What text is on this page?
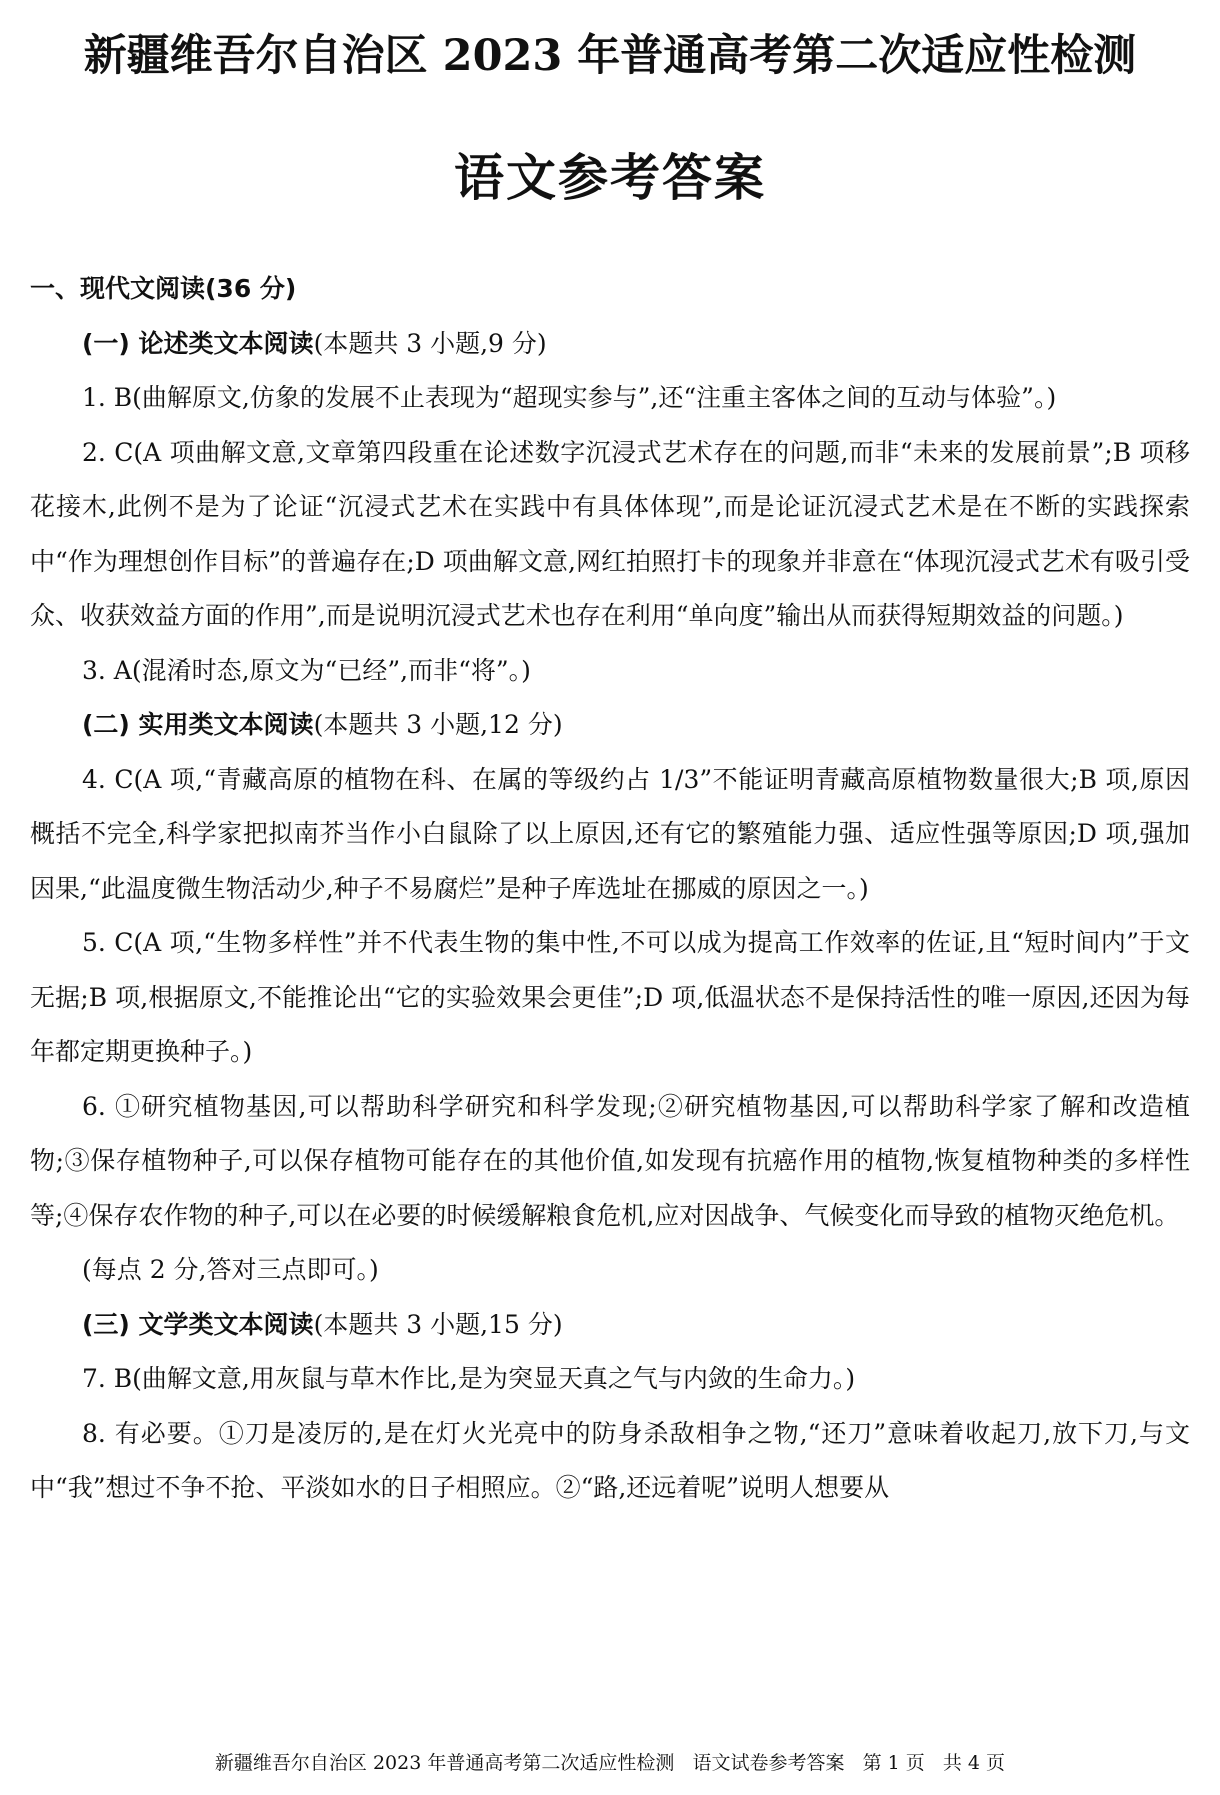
新疆维吾尔自治区 2023 年普通高考第二次适应性检测
语文参考答案

一、现代文阅读(36 分)

(一) 论述类文本阅读(本题共 3 小题,9 分)

1. B(曲解原文,仿象的发展不止表现为“超现实参与”,还“注重主客体之间的互动与体验”。)

2. C(A 项曲解文意,文章第四段重在论述数字沉浸式艺术存在的问题,而非“未来的发展前景”;B 项移花接木,此例不是为了论证“沉浸式艺术在实践中有具体体现”,而是论证沉浸式艺术是在不断的实践探索中“作为理想创作目标”的普遍存在;D 项曲解文意,网红拍照打卡的现象并非意在“体现沉浸式艺术有吸引受众、收获效益方面的作用”,而是说明沉浸式艺术也存在利用“单向度”输出从而获得短期效益的问题。)

3. A(混淆时态,原文为“已经”,而非“将”。)

(二) 实用类文本阅读(本题共 3 小题,12 分)

4. C(A 项,“青藏高原的植物在科、在属的等级约占 1/3”不能证明青藏高原植物数量很大;B 项,原因概括不完全,科学家把拟南芥当作小白鼠除了以上原因,还有它的繁殖能力强、适应性强等原因;D 项,强加因果,“此温度微生物活动少,种子不易腐烂”是种子库选址在挪威的原因之一。)

5. C(A 项,“生物多样性”并不代表生物的集中性,不可以成为提高工作效率的佐证,且“短时间内”于文无据;B 项,根据原文,不能推论出“它的实验效果会更佳”;D 项,低温状态不是保持活性的唯一原因,还因为每年都定期更换种子。)

6. ①研究植物基因,可以帮助科学研究和科学发现;②研究植物基因,可以帮助科学家了解和改造植物;③保存植物种子,可以保存植物可能存在的其他价值,如发现有抗癌作用的植物,恢复植物种类的多样性等;④保存农作物的种子,可以在必要的时候缓解粮食危机,应对因战争、气候变化而导致的植物灭绝危机。

(每点 2 分,答对三点即可。)

(三) 文学类文本阅读(本题共 3 小题,15 分)

7. B(曲解文意,用灰鼠与草木作比,是为突显天真之气与内敛的生命力。)

8. 有必要。①刀是凌厉的,是在灯火光亮中的防身杀敌相争之物,“还刀”意味着收起刀,放下刀,与文中“我”想过不争不抢、平淡如水的日子相照应。②“路,还远着呢”说明人想要从

新疆维吾尔自治区 2023 年普通高考第二次适应性检测   语文试卷参考答案   第 1 页   共 4 页
